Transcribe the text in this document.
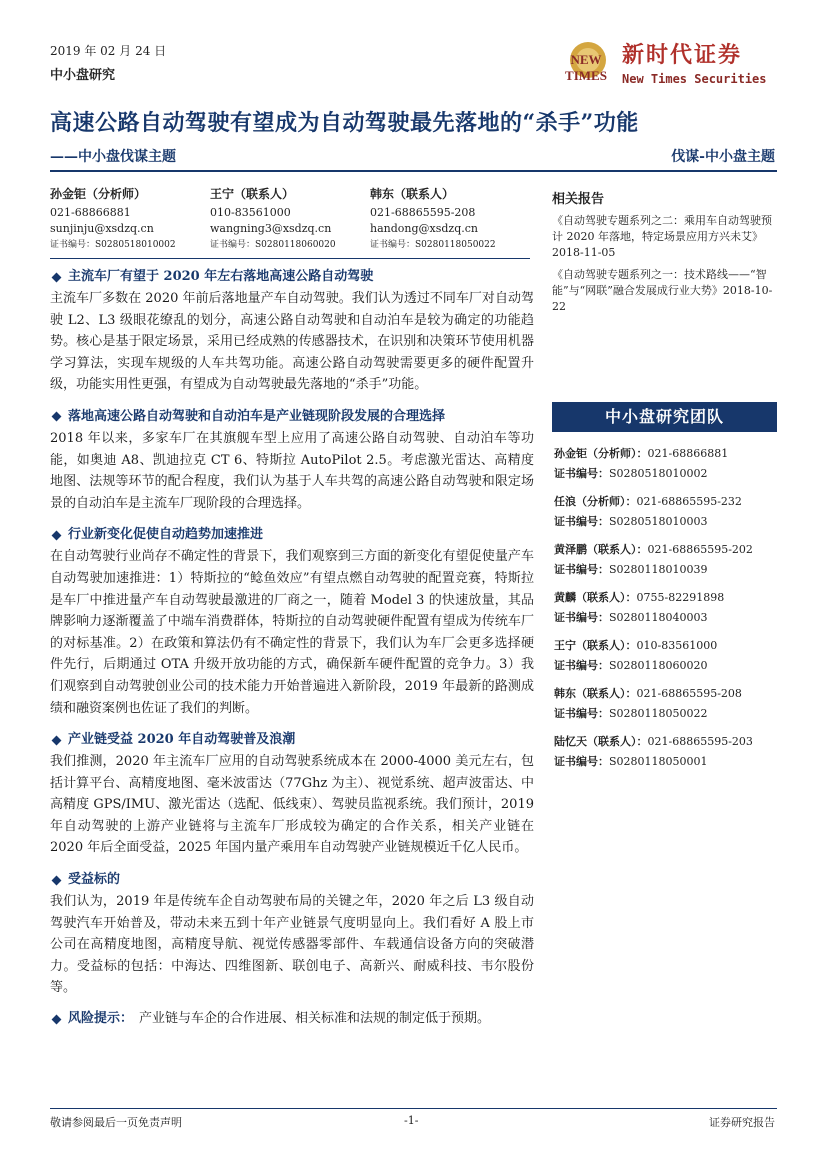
2019 年 02 月 24 日
中小盘研究
NEW
TIMES
新时代证券
New Times Securities
高速公路自动驾驶有望成为自动驾驶最先落地的“杀手”功能
——中小盘伐谋主题	伐谋-中小盘主题
孙金钜（分析师）
021-68866881
sunjinju@xsdzq.cn
证书编号：S0280518010002
王宁（联系人）
010-83561000
wangning3@xsdzq.cn
证书编号：S0280118060020
韩东（联系人）
021-68865595-208
handong@xsdzq.cn
证书编号：S0280118050022
主流车厂有望于 2020 年左右落地高速公路自动驾驶
主流车厂多数在 2020 年前后落地量产车自动驾驶。我们认为透过不同车厂对自动驾驶 L2、L3 级眼花缭乱的划分，高速公路自动驾驶和自动泊车是较为确定的功能趋势。核心是基于限定场景，采用已经成熟的传感器技术，在识别和决策环节使用机器学习算法，实现车规级的人车共驾功能。高速公路自动驾驶需要更多的硬件配置升级，功能实用性更强，有望成为自动驾驶最先落地的“杀手”功能。
落地高速公路自动驾驶和自动泊车是产业链现阶段发展的合理选择
2018 年以来，多家车厂在其旗舰车型上应用了高速公路自动驾驶、自动泊车等功能，如奥迪 A8、凯迪拉克 CT 6、特斯拉 AutoPilot 2.5。考虑激光雷达、高精度地图、法规等环节的配合程度，我们认为基于人车共驾的高速公路自动驾驶和限定场景的自动泊车是主流车厂现阶段的合理选择。
行业新变化促使自动趋势加速推进
在自动驾驶行业尚存不确定性的背景下，我们观察到三方面的新变化有望促使量产车自动驾驶加速推进：1）特斯拉的“鲶鱼效应”有望点燃自动驾驶的配置竞赛，特斯拉是车厂中推进量产车自动驾驶最激进的厂商之一，随着 Model 3 的快速放量，其品牌影响力逐渐覆盖了中端车消费群体，特斯拉的自动驾驶硬件配置有望成为传统车厂的对标基准。2）在政策和算法仍有不确定性的背景下，我们认为车厂会更多选择硬件先行，后期通过 OTA 升级开放功能的方式，确保新车硬件配置的竞争力。3）我们观察到自动驾驶创业公司的技术能力开始普遍进入新阶段，2019 年最新的路测成绩和融资案例也佐证了我们的判断。
产业链受益 2020 年自动驾驶普及浪潮
我们推测，2020 年主流车厂应用的自动驾驶系统成本在 2000-4000 美元左右，包括计算平台、高精度地图、毫米波雷达（77Ghz 为主）、视觉系统、超声波雷达、中高精度 GPS/IMU、激光雷达（选配、低线束）、驾驶员监视系统。我们预计，2019 年自动驾驶的上游产业链将与主流车厂形成较为确定的合作关系，相关产业链在 2020 年后全面受益，2025 年国内量产乘用车自动驾驶产业链规模近千亿人民币。
受益标的
我们认为，2019 年是传统车企自动驾驶布局的关键之年，2020 年之后 L3 级自动驾驶汽车开始普及，带动未来五到十年产业链景气度明显向上。我们看好 A 股上市公司在高精度地图，高精度导航、视觉传感器零部件、车载通信设备方向的突破潜力。受益标的包括：中海达、四维图新、联创电子、高新兴、耐威科技、韦尔股份等。
风险提示： 产业链与车企的合作进展、相关标准和法规的制定低于预期。
相关报告
《自动驾驶专题系列之二：乘用车自动驾驶预计 2020 年落地，特定场景应用方兴未艾》2018-11-05
《自动驾驶专题系列之一：技术路线——“智能”与“网联”融合发展成行业大势》2018-10-22
中小盘研究团队
孙金钜（分析师）：021-68866881
证书编号：S0280518010002
任浪（分析师）：021-68865595-232
证书编号：S0280518010003
黄泽鹏（联系人）：021-68865595-202
证书编号：S0280118010039
黄麟（联系人）：0755-82291898
证书编号：S0280118040003
王宁（联系人）：010-83561000
证书编号：S0280118060020
韩东（联系人）：021-68865595-208
证书编号：S0280118050022
陆忆天（联系人）：021-68865595-203
证书编号：S0280118050001
敬请参阅最后一页免责声明	-1-	证券研究报告
